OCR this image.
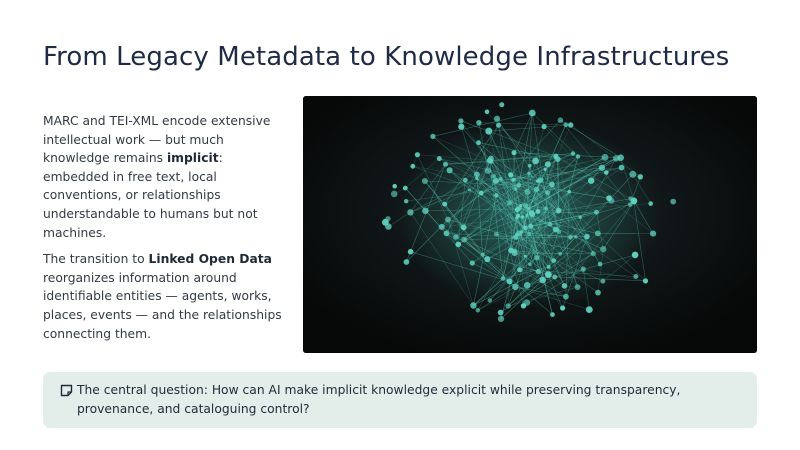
From Legacy Metadata to Knowledge Infrastructures

MARC and TEI-XML encode extensive intellectual work — but much knowledge remains implicit: embedded in free text, local conventions, or relationships understandable to humans but not machines.

The transition to Linked Open Data reorganizes information around identifiable entities — agents, works, places, events — and the relationships connecting them.

The central question: How can AI make implicit knowledge explicit while preserving transparency, provenance, and cataloguing control?
